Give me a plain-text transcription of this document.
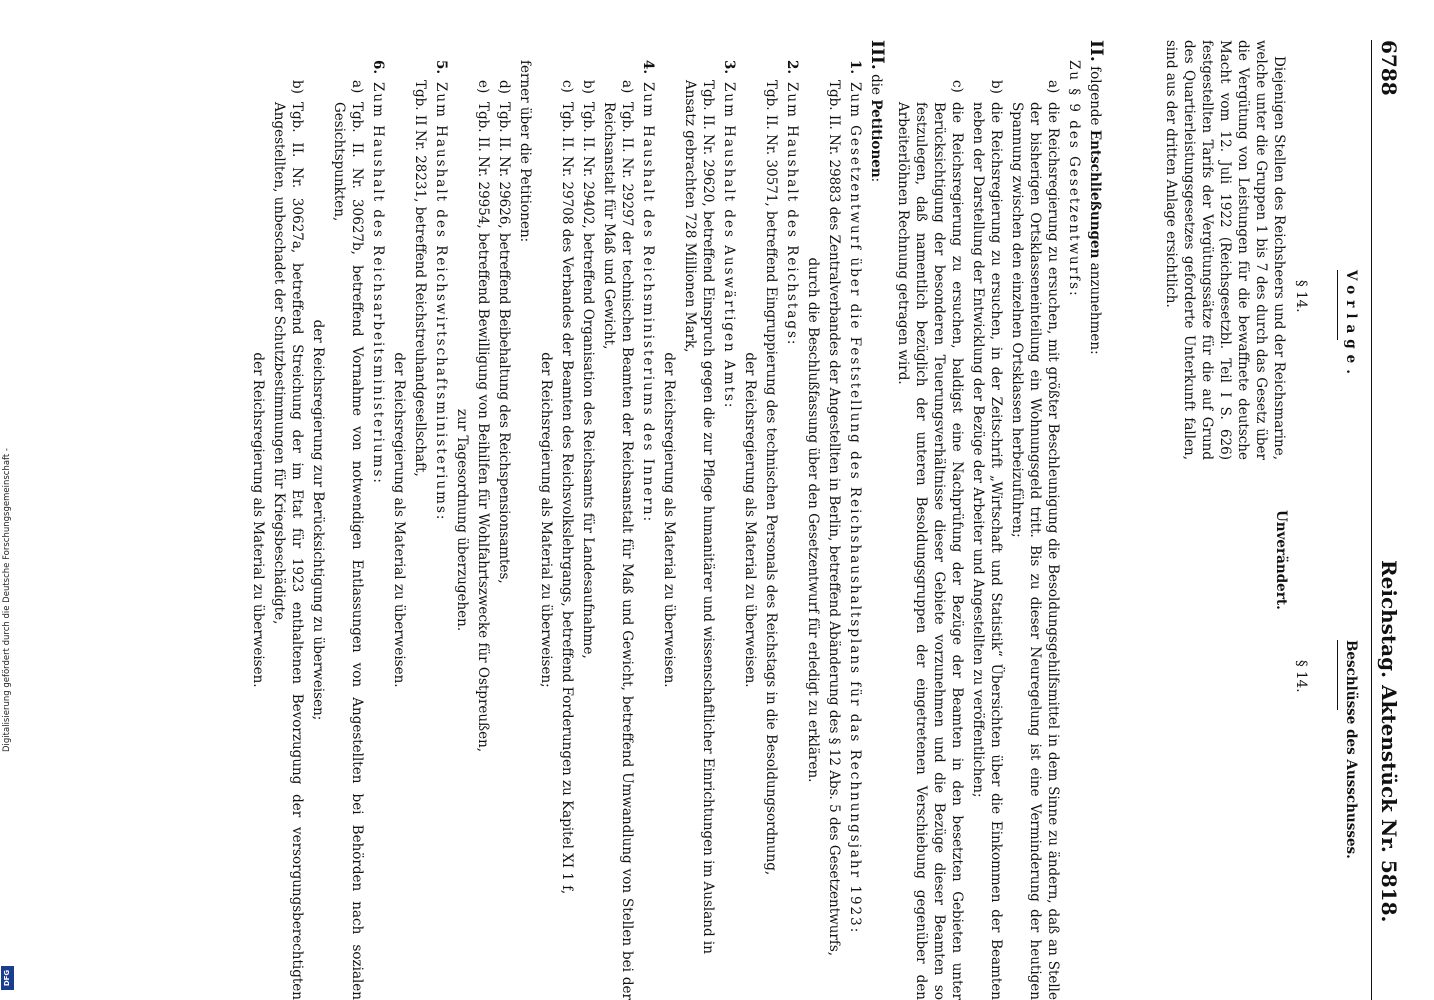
Digitalisierung gefördert durch die Deutsche Forschungsgemeinschaft -
DFG
6788
Reichstag. Aktenstück Nr. 5818.
Vorlage.
Beschlüsse des Ausschusses.
§ 14.
Unverändert.
§ 14.
Diejenigen Stellen des Reichsheers und der Reichsmarine, welche unter die Gruppen 1 bis 7 des durch das Gesetz über die Vergütung von Leistungen für die bewaffnete deutsche Macht vom 12. Juli 1922 (Reichsgesetzbl. Teil I S. 626) festgestellten Tarifs der Vergütungssätze für die auf Grund des Quartierleistungsgesetzes geforderte Unterkunft fallen, sind aus der dritten Anlage ersichtlich.
II. folgende Entschließungen anzunehmen:
Zu § 9 des Gesetzentwurfs:
a)
die Reichsregierung zu ersuchen, mit größter Beschleunigung die Besoldungsgehilfsmittel in dem Sinne zu ändern, daß an Stelle der bisherigen Ortsklasseneinteilung ein Wohnungsgeld tritt. Bis zu dieser Neuregelung ist eine Verminderung der heutigen Spannung zwischen den einzelnen Ortsklassen herbeizuführen;
b)
die Reichsregierung zu ersuchen, in der Zeitschrift „Wirtschaft und Statistik“ Übersichten über die Einkommen der Beamten neben der Darstellung der Entwicklung der Bezüge der Arbeiter und Angestellten zu veröffentlichen;
c)
die Reichsregierung zu ersuchen, baldigst eine Nachprüfung der Bezüge der Beamten in den besetzten Gebieten unter Berücksichtigung der besonderen Teuerungsverhältnisse dieser Gebiete vorzunehmen und die Bezüge dieser Beamten so festzulegen, daß namentlich bezüglich der unteren Besoldungsgruppen der eingetretenen Verschiebung gegenüber den Arbeiterlöhnen Rechnung getragen wird.
III. die Petitionen:
1.
Zum Gesetzentwurf über die Feststellung des Reichshaushaltsplans für das Rechnungsjahr 1923:
Tgb. II. Nr. 29883 des Zentralverbandes der Angestellten in Berlin, betreffend Abänderung des § 12 Abs. 5 des Gesetzentwurfs,
durch die Beschlußfassung über den Gesetzentwurf für erledigt zu erklären.
2.
Zum Haushalt des Reichstags:
Tgb. II. Nr. 30571, betreffend Eingruppierung des technischen Personals des Reichstags in die Besoldungsordnung,
der Reichsregierung als Material zu überweisen.
3.
Zum Haushalt des Auswärtigen Amts:
Tgb. II. Nr. 29620, betreffend Einspruch gegen die zur Pflege humanitärer und wissenschaftlicher Einrichtungen im Ausland in Ansatz gebrachten 728 Millionen Mark,
der Reichsregierung als Material zu überweisen.
4.
Zum Haushalt des Reichsministeriums des Innern:
a)
Tgb. II. Nr. 29297 der technischen Beamten der Reichsanstalt für Maß und Gewicht, betreffend Umwandlung von Stellen bei der Reichsanstalt für Maß und Gewicht,
b)
Tgb. II. Nr. 29402, betreffend Organisation des Reichsamts für Landesaufnahme,
c)
Tgb. II. Nr. 29708 des Verbandes der Beamten des Reichsvolkslehrgangs, betreffend Forderungen zu Kapitel XI 1 f,
der Reichsregierung als Material zu überweisen;
ferner über die Petitionen:
d)
Tgb. II. Nr. 29626, betreffend Beibehaltung des Reichspensionsamtes,
e)
Tgb. II. Nr. 29954, betreffend Bewilligung von Beihilfen für Wohlfahrtszwecke für Ostpreußen,
zur Tagesordnung überzugehen.
5.
Zum Haushalt des Reichswirtschaftsministeriums:
Tgb. II Nr. 28231, betreffend Reichstreuhandgesellschaft,
der Reichsregierung als Material zu überweisen.
6.
Zum Haushalt des Reichsarbeitsministeriums:
a)
Tgb. II. Nr. 30627b, betreffend Vornahme von notwendigen Entlassungen von Angestellten bei Behörden nach sozialen Gesichtspunkten,
der Reichsregierung zur Berücksichtigung zu überweisen;
b)
Tgb. II. Nr. 30627a, betreffend Streichung der im Etat für 1923 enthaltenen Bevorzugung der versorgungsberechtigten Angestellten, unbeschadet der Schutzbestimmungen für Kriegsbeschädigte,
der Reichsregierung als Material zu überweisen.
